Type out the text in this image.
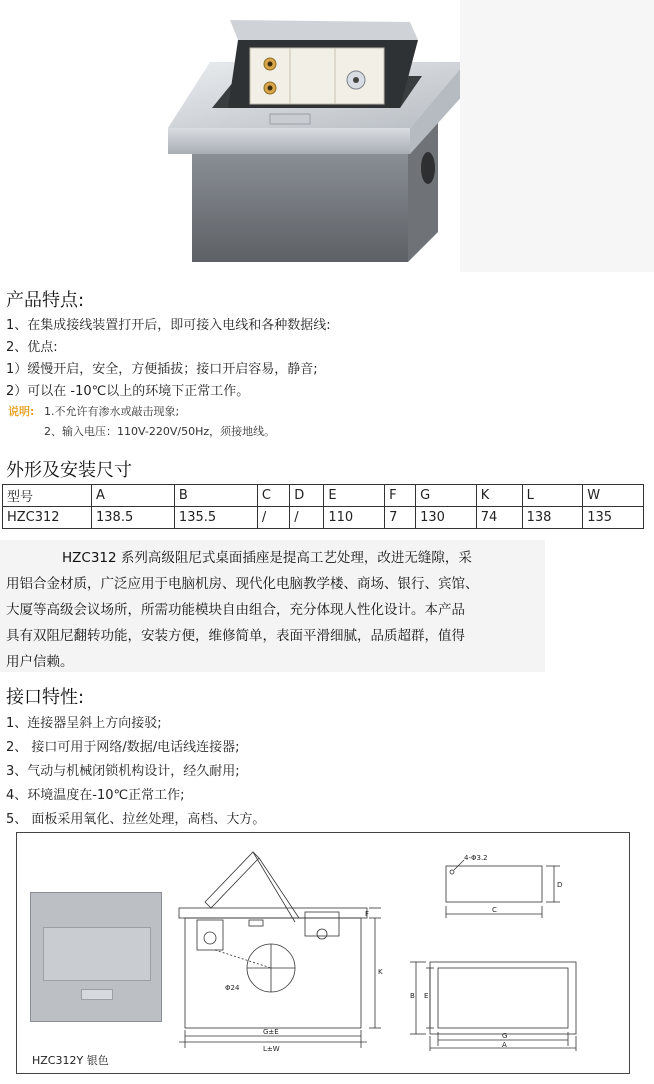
产品特点:
1、在集成接线装置打开后，即可接入电线和各种数据线:
2、优点:
1）缓慢开启，安全，方便插拔；接口开启容易，静音;
2）可以在 -10℃以上的环境下正常工作。
说明: 1.不允许有渗水或敲击现象;
2、输入电压：110V-220V/50Hz，须接地线。
外形及安装尺寸
型号	A	B	C	D	E	F	G	K	L	W
HZC312	138.5	135.5	/	/	110	7	130	74	138	135
HZC312 系列高级阻尼式桌面插座是提高工艺处理，改进无缝隙，采
用铝合金材质，广泛应用于电脑机房、现代化电脑教学楼、商场、银行、宾馆、
大厦等高级会议场所，所需功能模块自由组合，充分体现人性化设计。本产品
具有双阻尼翻转功能，安装方便，维修简单，表面平滑细腻，品质超群，值得
用户信赖。
接口特性:
1、连接器呈斜上方向接驳;
2、 接口可用于网络/数据/电话线连接器;
3、气动与机械闭锁机构设计，经久耐用;
4、环境温度在-10℃正常工作;
5、 面板采用氧化、拉丝处理，高档、大方。
HZC312Y 银色
F
K
G±E
L±W
Φ24
4-Φ3.2
C
D
B E
G
A
